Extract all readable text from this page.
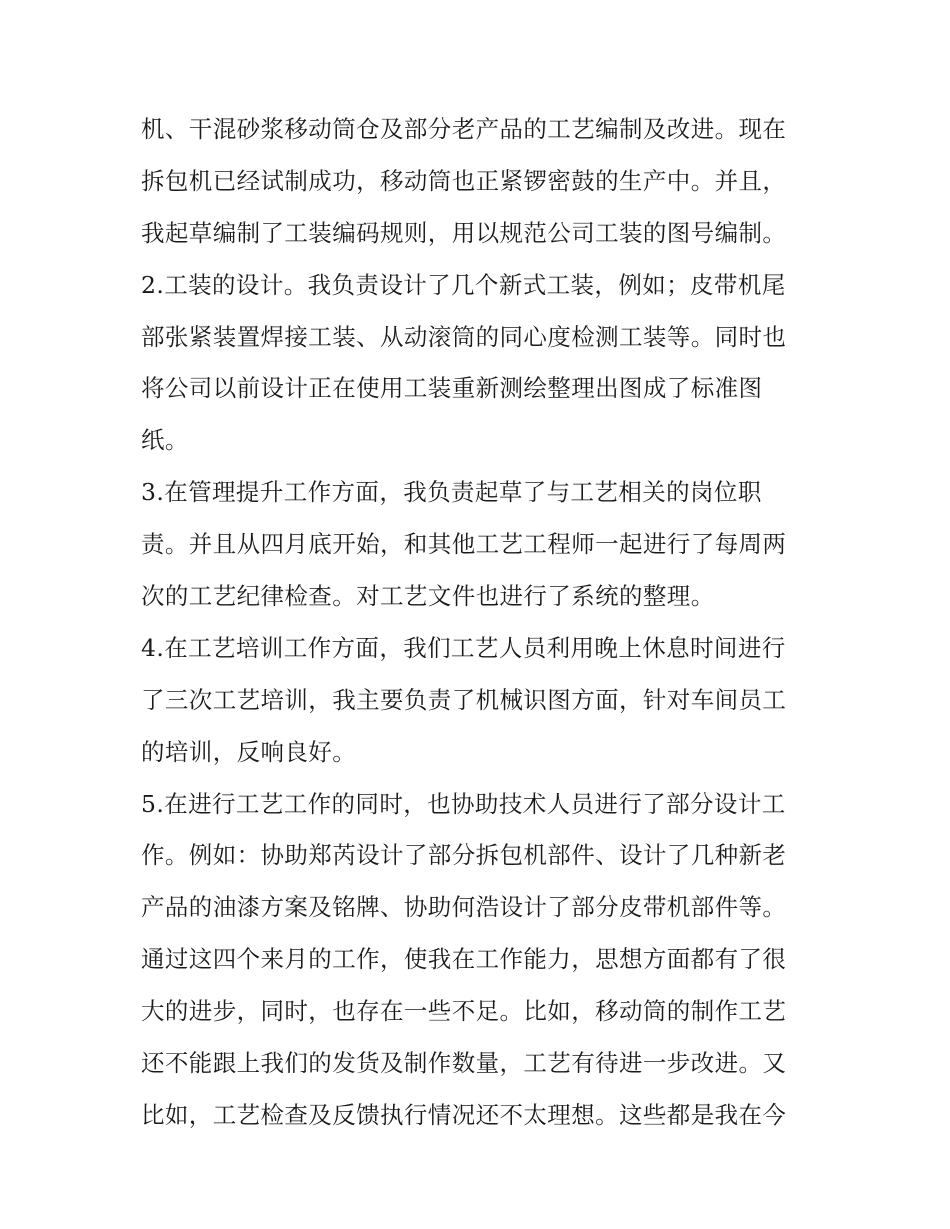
机、干混砂浆移动筒仓及部分老产品的工艺编制及改进。现在
拆包机已经试制成功，移动筒也正紧锣密鼓的生产中。并且，
我起草编制了工装编码规则，用以规范公司工装的图号编制。
2.工装的设计。我负责设计了几个新式工装，例如；皮带机尾
部张紧装置焊接工装、从动滚筒的同心度检测工装等。同时也
将公司以前设计正在使用工装重新测绘整理出图成了标准图
纸。
3.在管理提升工作方面，我负责起草了与工艺相关的岗位职
责。并且从四月底开始，和其他工艺工程师一起进行了每周两
次的工艺纪律检查。对工艺文件也进行了系统的整理。
4.在工艺培训工作方面，我们工艺人员利用晚上休息时间进行
了三次工艺培训，我主要负责了机械识图方面，针对车间员工
的培训，反响良好。
5.在进行工艺工作的同时，也协助技术人员进行了部分设计工
作。例如：协助郑芮设计了部分拆包机部件、设计了几种新老
产品的油漆方案及铭牌、协助何浩设计了部分皮带机部件等。
通过这四个来月的工作，使我在工作能力，思想方面都有了很
大的进步，同时，也存在一些不足。比如，移动筒的制作工艺
还不能跟上我们的发货及制作数量，工艺有待进一步改进。又
比如，工艺检查及反馈执行情况还不太理想。这些都是我在今
